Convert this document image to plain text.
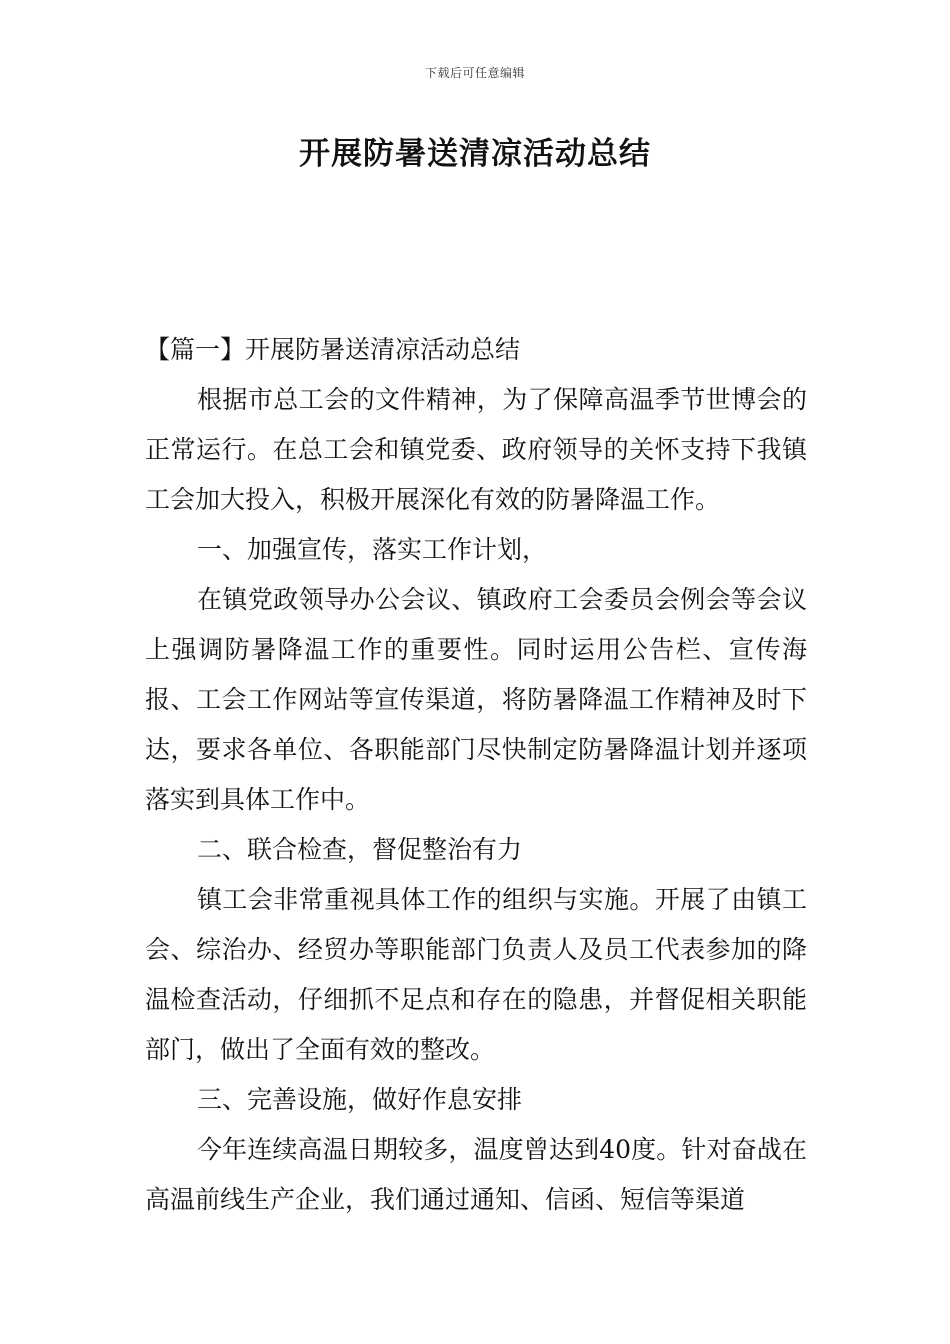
下载后可任意编辑
开展防暑送清凉活动总结

【篇一】开展防暑送清凉活动总结

根据市总工会的文件精神，为了保障高温季节世博会的正常运行。在总工会和镇党委、政府领导的关怀支持下我镇工会加大投入，积极开展深化有效的防暑降温工作。

一、加强宣传，落实工作计划，

在镇党政领导办公会议、镇政府工会委员会例会等会议上强调防暑降温工作的重要性。同时运用公告栏、宣传海报、工会工作网站等宣传渠道，将防暑降温工作精神及时下达，要求各单位、各职能部门尽快制定防暑降温计划并逐项落实到具体工作中。

二、联合检查，督促整治有力

镇工会非常重视具体工作的组织与实施。开展了由镇工会、综治办、经贸办等职能部门负责人及员工代表参加的降温检查活动，仔细抓不足点和存在的隐患，并督促相关职能部门，做出了全面有效的整改。

三、完善设施，做好作息安排

今年连续高温日期较多，温度曾达到40度。针对奋战在高温前线生产企业，我们通过通知、信函、短信等渠道
